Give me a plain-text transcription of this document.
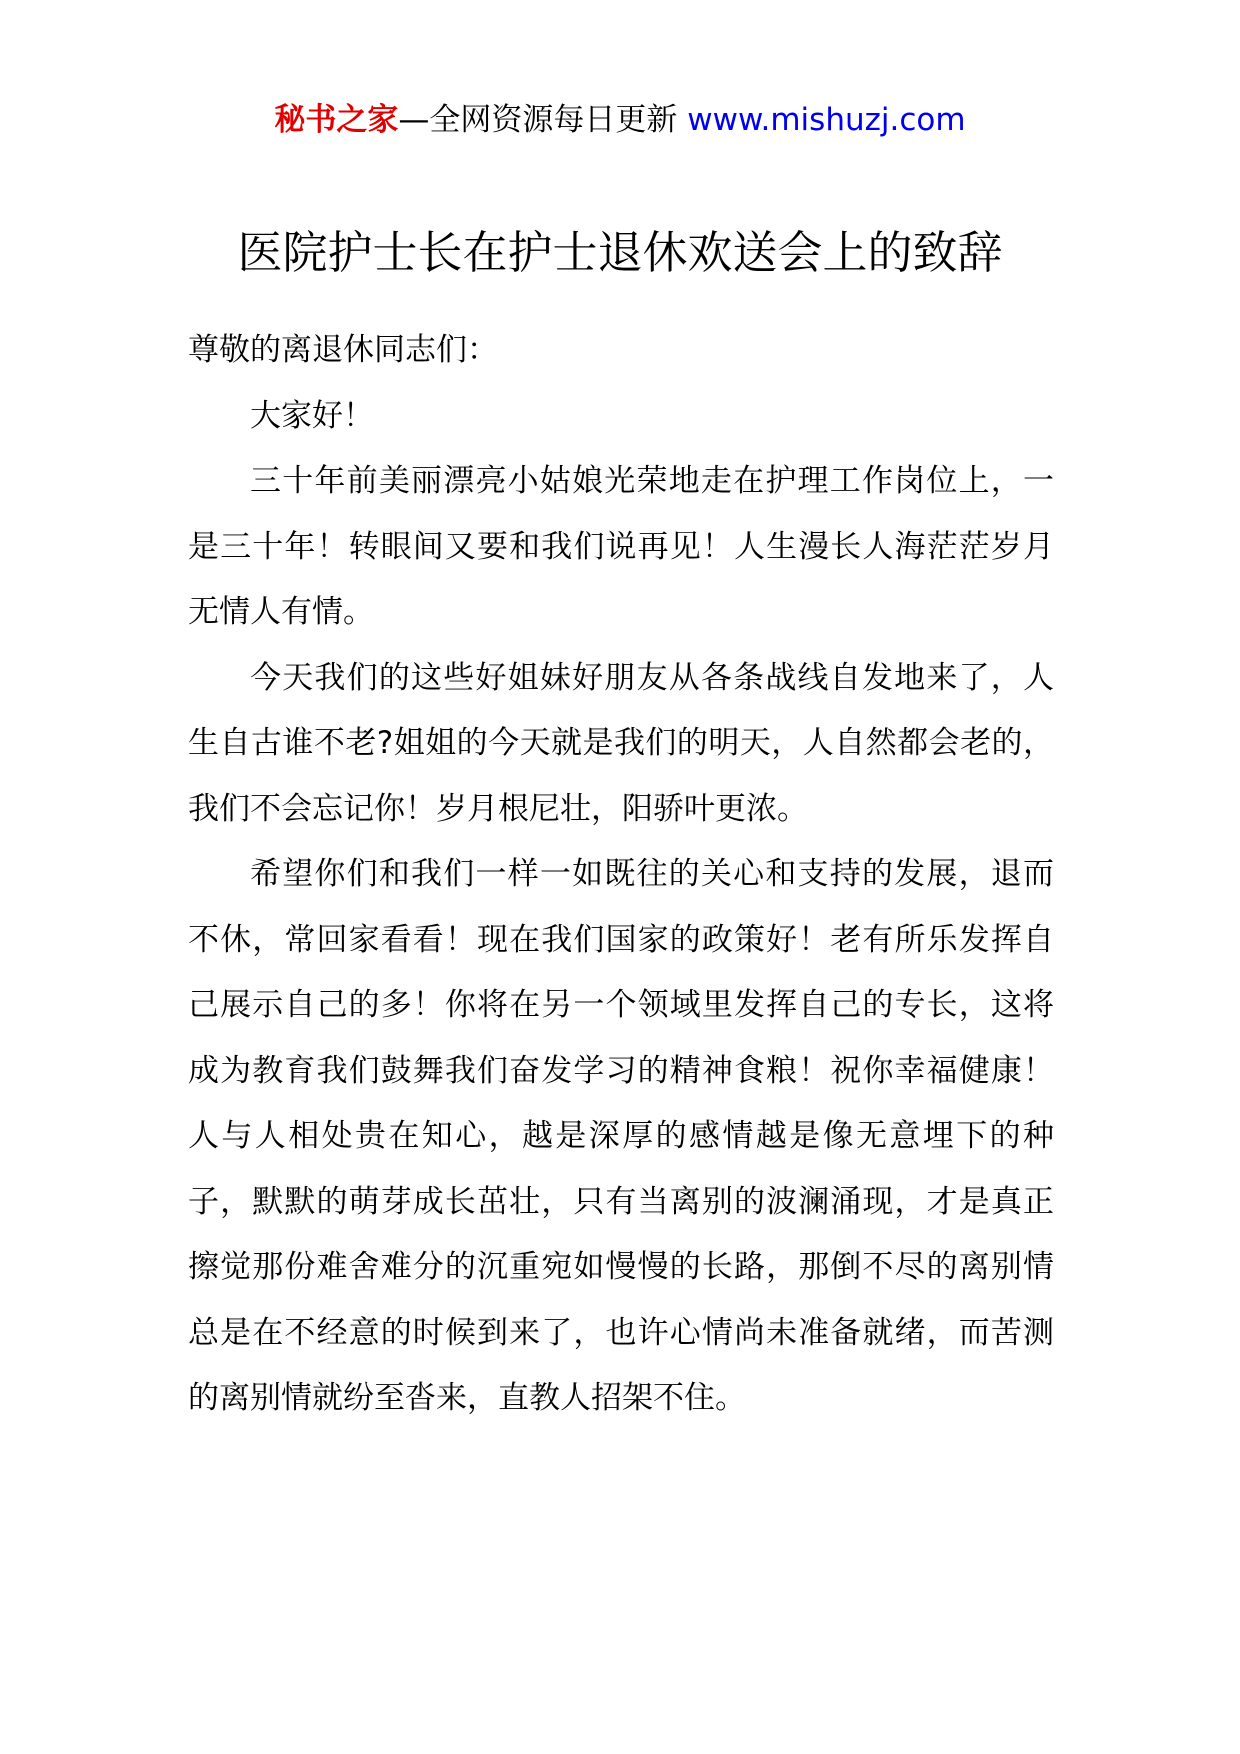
秘书之家—全网资源每日更新 www.mishuzj.com
医院护士长在护士退休欢送会上的致辞

尊敬的离退休同志们：

大家好！

三十年前美丽漂亮小姑娘光荣地走在护理工作岗位上，一是三十年！转眼间又要和我们说再见！人生漫长人海茫茫岁月无情人有情。

今天我们的这些好姐妹好朋友从各条战线自发地来了，人生自古谁不老?姐姐的今天就是我们的明天，人自然都会老的，我们不会忘记你！岁月根尼壮，阳骄叶更浓。

希望你们和我们一样一如既往的关心和支持的发展，退而不休，常回家看看！现在我们国家的政策好！老有所乐发挥自己展示自己的多！你将在另一个领域里发挥自己的专长，这将成为教育我们鼓舞我们奋发学习的精神食粮！祝你幸福健康！人与人相处贵在知心，越是深厚的感情越是像无意埋下的种子，默默的萌芽成长茁壮，只有当离别的波澜涌现，才是真正擦觉那份难舍难分的沉重宛如慢慢的长路，那倒不尽的离别情总是在不经意的时候到来了，也许心情尚未准备就绪，而苦测的离别情就纷至沓来，直教人招架不住。
